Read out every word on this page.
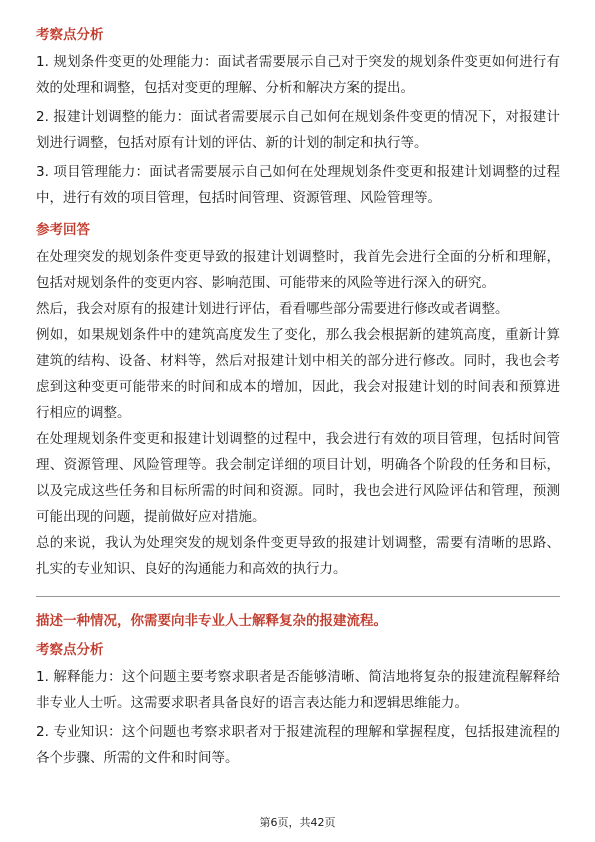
考察点分析

1. 规划条件变更的处理能力：面试者需要展示自己对于突发的规划条件变更如何进行有效的处理和调整，包括对变更的理解、分析和解决方案的提出。

2. 报建计划调整的能力：面试者需要展示自己如何在规划条件变更的情况下，对报建计划进行调整，包括对原有计划的评估、新的计划的制定和执行等。

3. 项目管理能力：面试者需要展示自己如何在处理规划条件变更和报建计划调整的过程中，进行有效的项目管理，包括时间管理、资源管理、风险管理等。

参考回答

在处理突发的规划条件变更导致的报建计划调整时，我首先会进行全面的分析和理解，包括对规划条件的变更内容、影响范围、可能带来的风险等进行深入的研究。

然后，我会对原有的报建计划进行评估，看看哪些部分需要进行修改或者调整。

例如，如果规划条件中的建筑高度发生了变化，那么我会根据新的建筑高度，重新计算建筑的结构、设备、材料等，然后对报建计划中相关的部分进行修改。同时，我也会考虑到这种变更可能带来的时间和成本的增加，因此，我会对报建计划的时间表和预算进行相应的调整。

在处理规划条件变更和报建计划调整的过程中，我会进行有效的项目管理，包括时间管理、资源管理、风险管理等。我会制定详细的项目计划，明确各个阶段的任务和目标，以及完成这些任务和目标所需的时间和资源。同时，我也会进行风险评估和管理，预测可能出现的问题，提前做好应对措施。

总的来说，我认为处理突发的规划条件变更导致的报建计划调整，需要有清晰的思路、扎实的专业知识、良好的沟通能力和高效的执行力。

描述一种情况，你需要向非专业人士解释复杂的报建流程。
考察点分析

1. 解释能力：这个问题主要考察求职者是否能够清晰、简洁地将复杂的报建流程解释给非专业人士听。这需要求职者具备良好的语言表达能力和逻辑思维能力。

2. 专业知识：这个问题也考察求职者对于报建流程的理解和掌握程度，包括报建流程的各个步骤、所需的文件和时间等。

第6页，共42页
